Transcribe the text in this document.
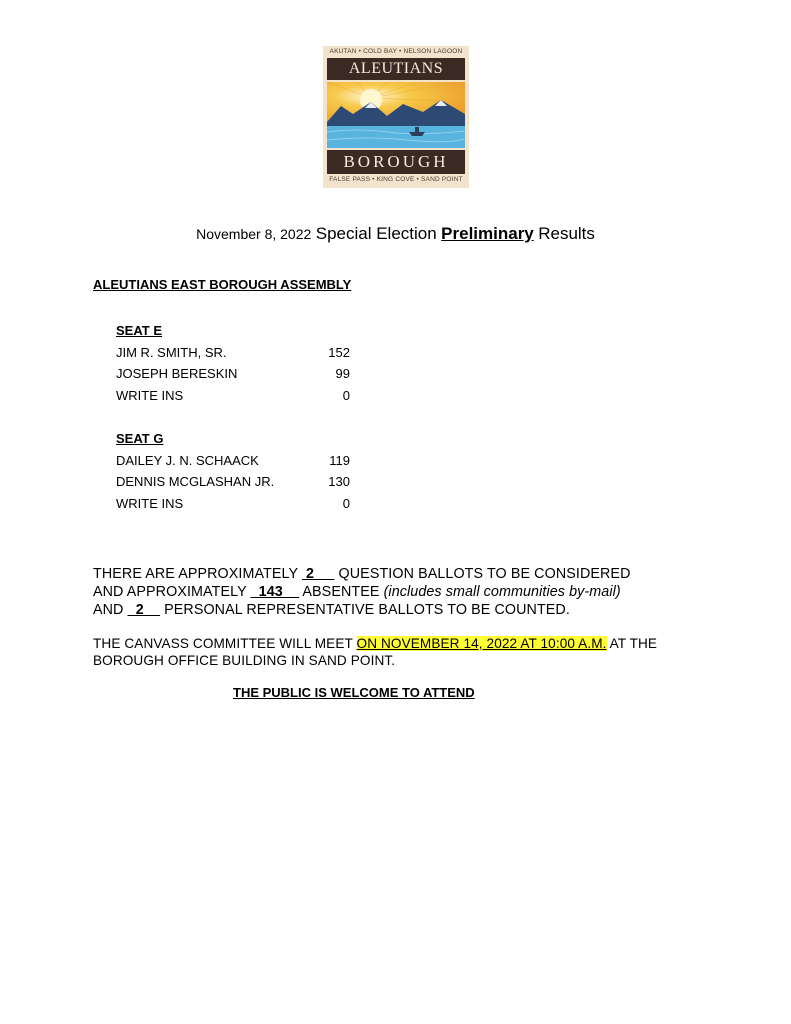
AKUTAN • COLD BAY • NELSON LAGOON
ALEUTIANS
BOROUGH
FALSE PASS • KING COVE • SAND POINT
November 8, 2022 Special Election Preliminary Results
ALEUTIANS EAST BOROUGH ASSEMBLY
SEAT E
JIM R. SMITH, SR.	152
JOSEPH BERESKIN	99
WRITE INS	0
SEAT G
DAILEY J. N. SCHAACK	119
DENNIS MCGLASHAN JR.	130
WRITE INS	0
THERE ARE APPROXIMATELY  2      QUESTION BALLOTS TO BE CONSIDERED
AND APPROXIMATELY   143     ABSENTEE (includes small communities by-mail)
AND   2     PERSONAL REPRESENTATIVE BALLOTS TO BE COUNTED.
THE CANVASS COMMITTEE WILL MEET ON NOVEMBER 14, 2022 AT 10:00 A.M. AT THE
BOROUGH OFFICE BUILDING IN SAND POINT.
THE PUBLIC IS WELCOME TO ATTEND
